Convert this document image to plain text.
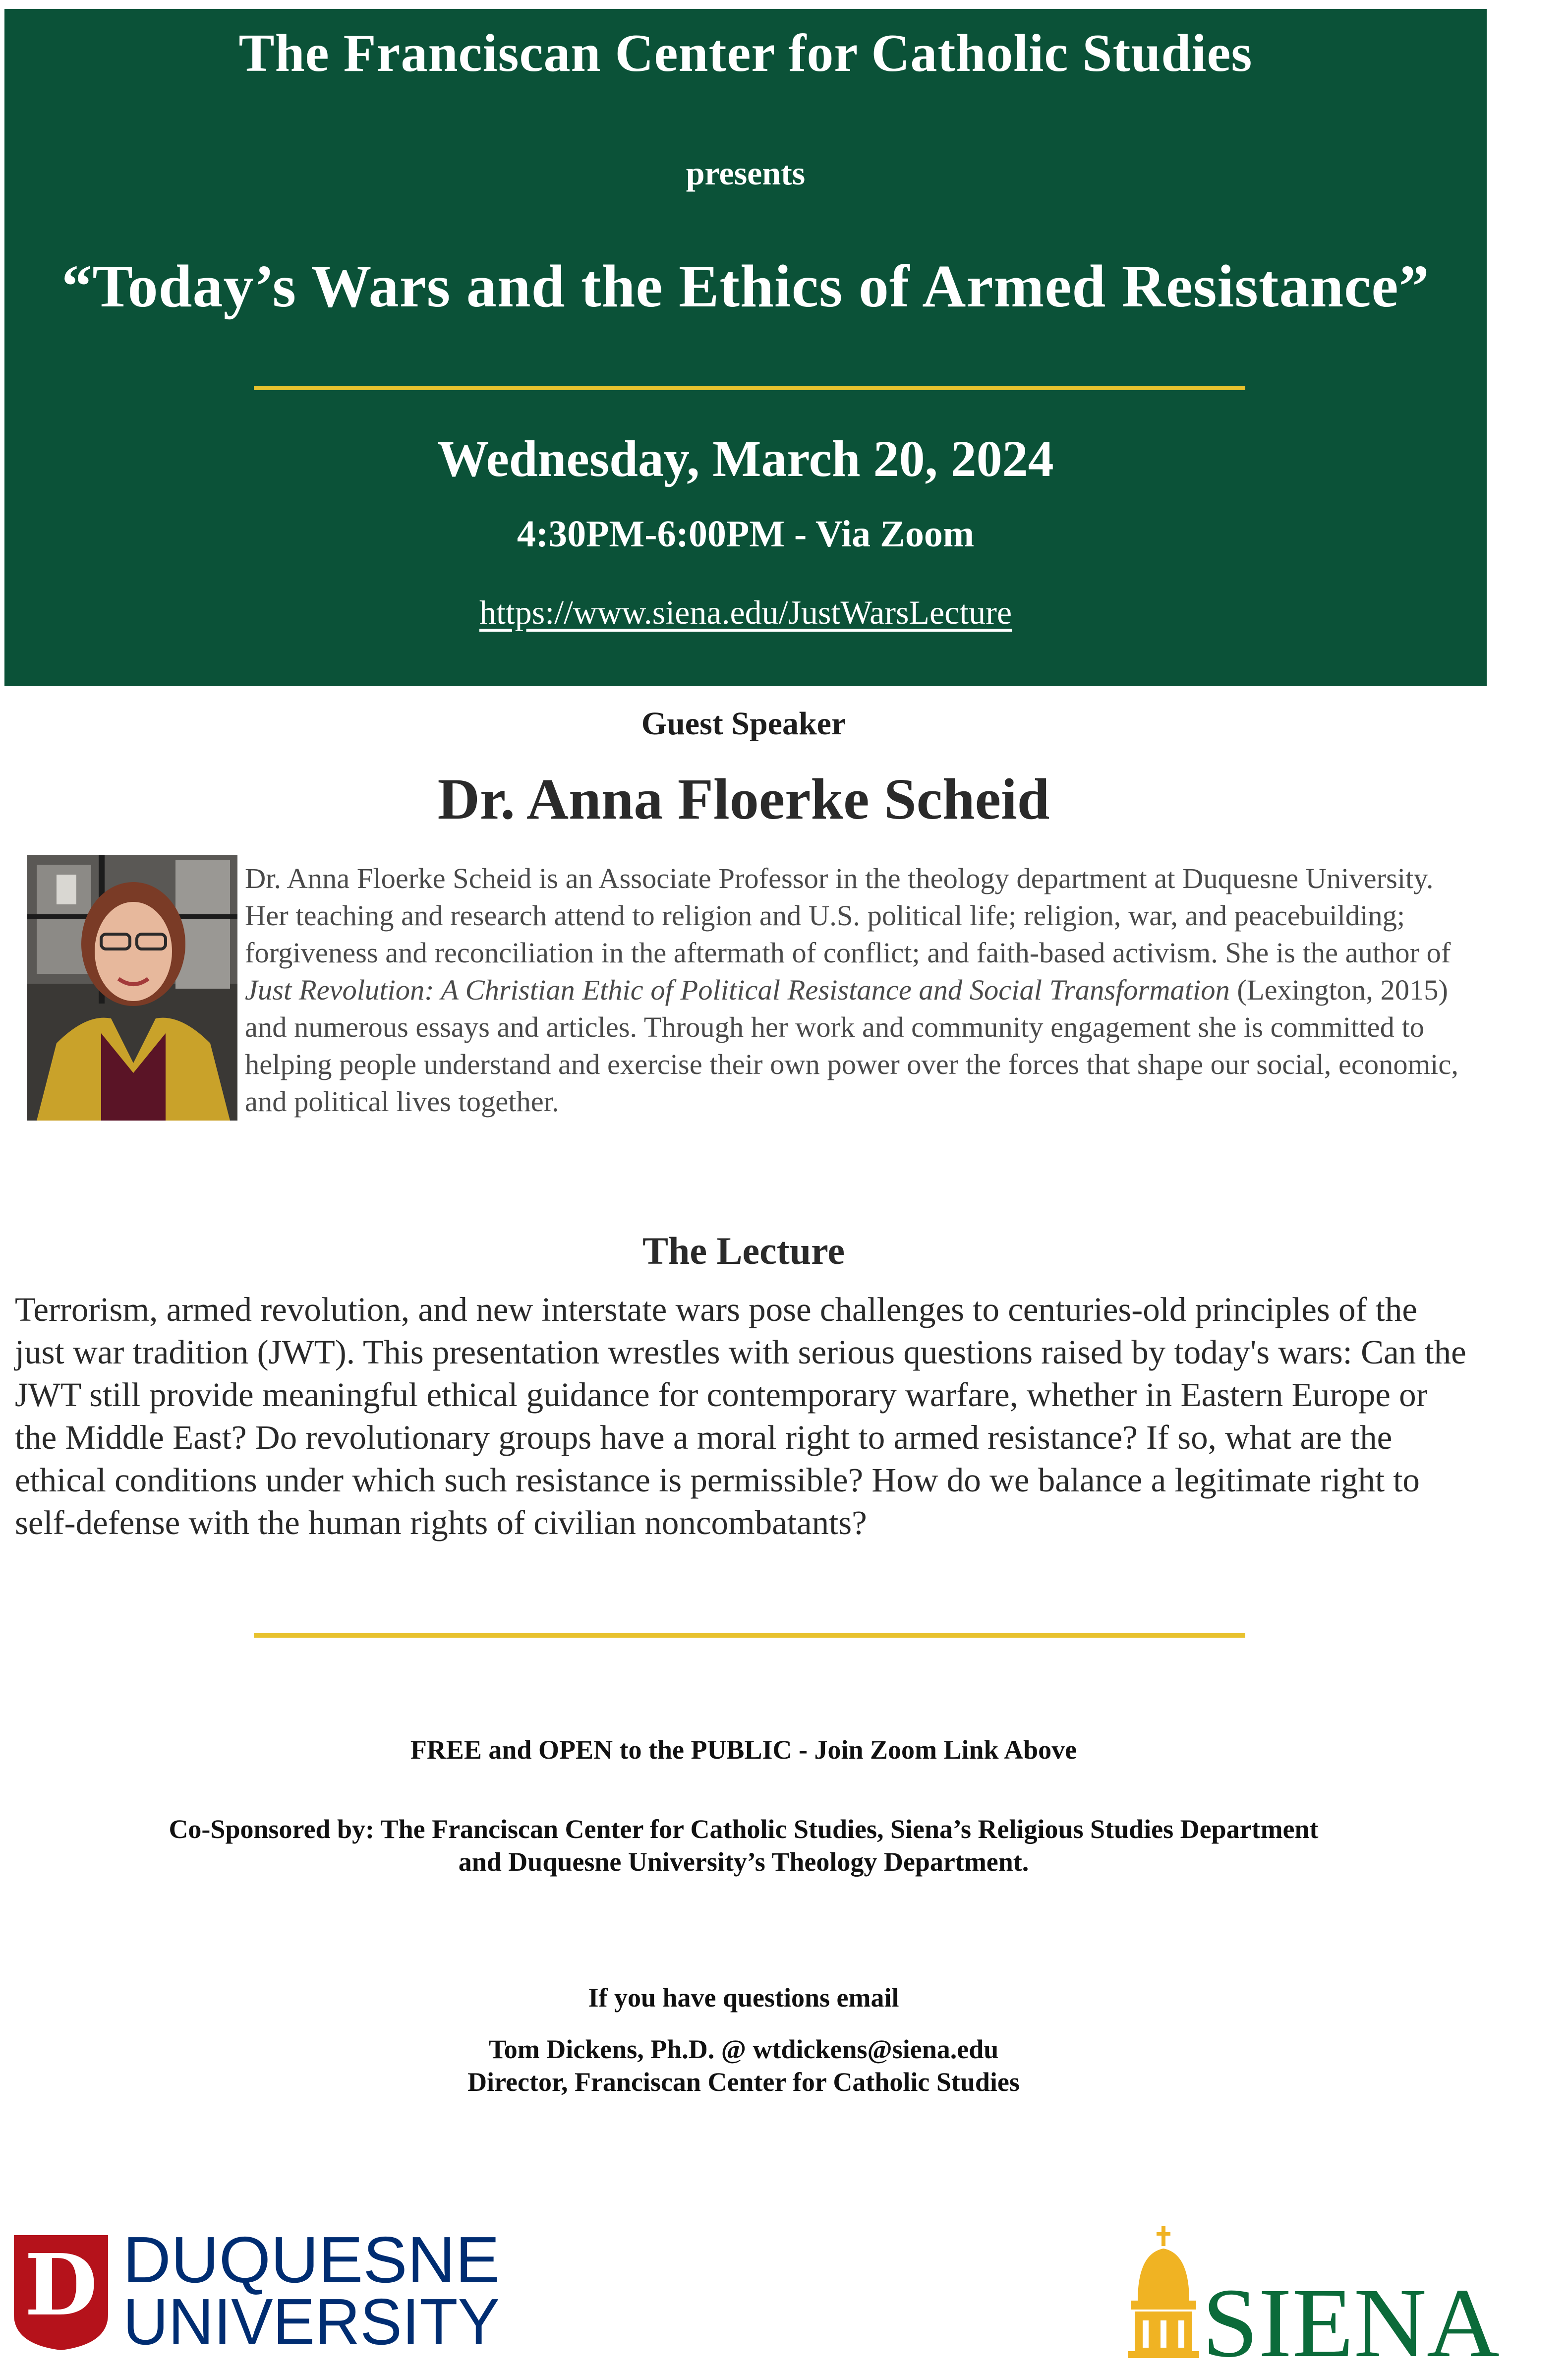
The Franciscan Center for Catholic Studies
presents
“Today’s Wars and the Ethics of Armed Resistance”
Wednesday, March 20, 2024
4:30PM-6:00PM - Via Zoom
https://www.siena.edu/JustWarsLecture
Guest Speaker
Dr. Anna Floerke Scheid

Dr. Anna Floerke Scheid is an Associate Professor in the theology department at Duquesne University. Her teaching and research attend to religion and U.S. political life; religion, war, and peacebuilding; forgiveness and reconciliation in the aftermath of conflict; and faith-based activism. She is the author of Just Revolution: A Christian Ethic of Political Resistance and Social Transformation (Lexington, 2015) and numerous essays and articles. Through her work and community engagement she is committed to helping people understand and exercise their own power over the forces that shape our social, economic, and political lives together.

The Lecture

Terrorism, armed revolution, and new interstate wars pose challenges to centuries-old principles of the just war tradition (JWT). This presentation wrestles with serious questions raised by today's wars: Can the JWT still provide meaningful ethical guidance for contemporary warfare, whether in Eastern Europe or the Middle East? Do revolutionary groups have a moral right to armed resistance? If so, what are the ethical conditions under which such resistance is permissible? How do we balance a legitimate right to self-defense with the human rights of civilian noncombatants?

FREE and OPEN to the PUBLIC - Join Zoom Link Above
Co-Sponsored by: The Franciscan Center for Catholic Studies, Siena’s Religious Studies Department
and Duquesne University’s Theology Department.
If you have questions email
Tom Dickens, Ph.D. @ wtdickens@siena.edu
Director, Franciscan Center for Catholic Studies
D DUQUESNE
UNIVERSITY	SIENA
